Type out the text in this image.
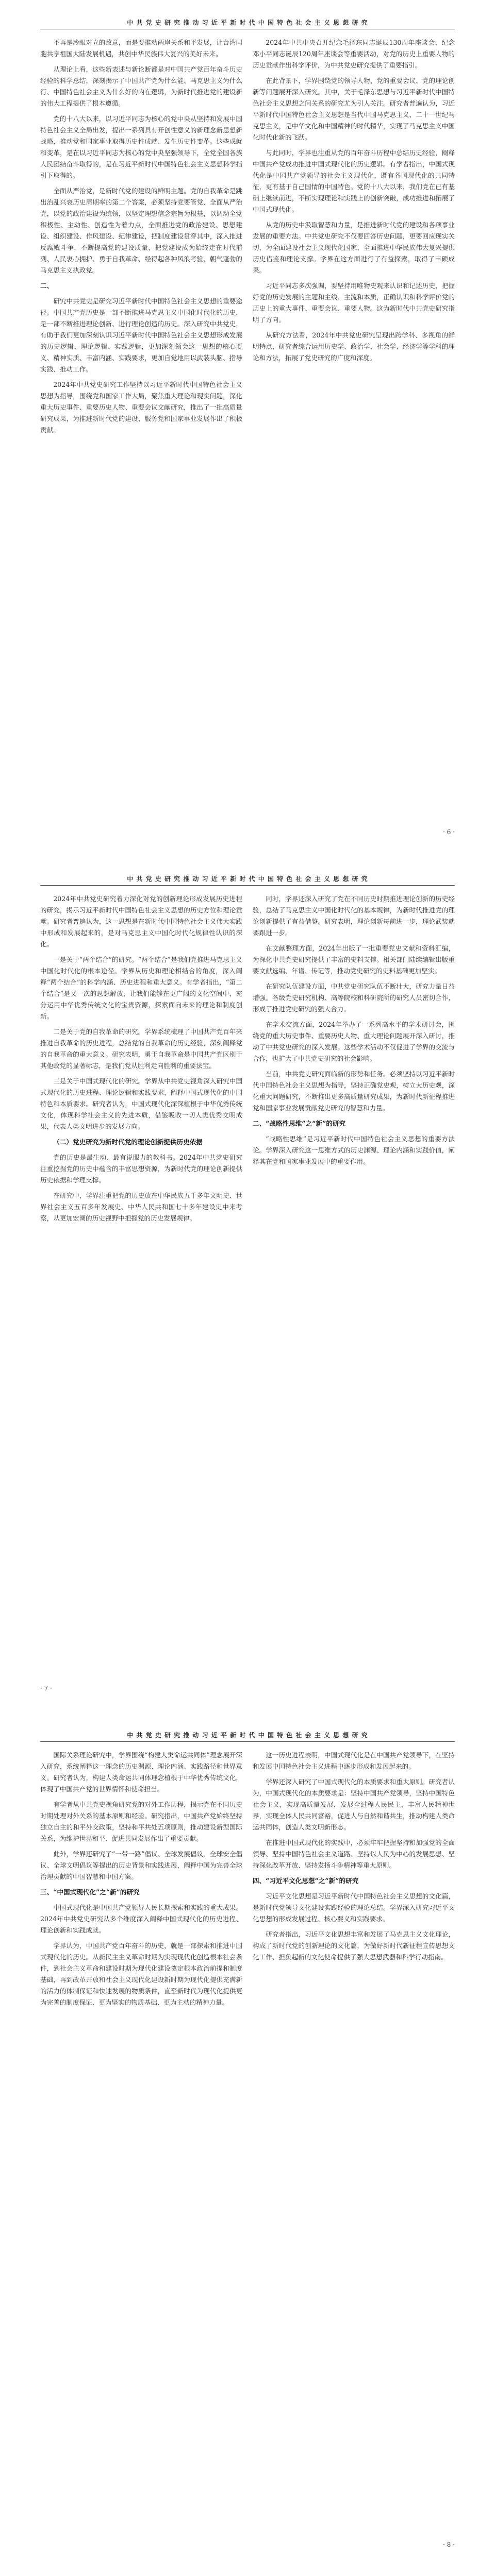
中 共 党 史 研 究 推 动 习 近 平 新 时 代 中 国 特 色 社 会 主 义 思 想 研 究

不再是冷眼对立的敌意，而是要推动两岸关系和平发展，让台湾同胞共享祖国大陆发展机遇，共创中华民族伟大复兴的美好未来。

从理论上看，这些新表述与新论断都是对中国共产党百年奋斗历史经验的科学总结，深刻揭示了中国共产党为什么能、马克思主义为什么行、中国特色社会主义为什么好的内在逻辑，为新时代推进党的建设新的伟大工程提供了根本遵循。

党的十八大以来，以习近平同志为核心的党中央从坚持和发展中国特色社会主义全局出发，提出一系列具有开创性意义的新理念新思想新战略，推动党和国家事业取得历史性成就、发生历史性变革。这些成就和变革，是在以习近平同志为核心的党中央坚强领导下，全党全国各族人民团结奋斗取得的，是在习近平新时代中国特色社会主义思想科学指引下取得的。

全面从严治党，是新时代党的建设的鲜明主题。党的自我革命是跳出治乱兴衰历史周期率的第二个答案，必须坚持党要管党、全面从严治党，以党的政治建设为统领，以坚定理想信念宗旨为根基，以调动全党积极性、主动性、创造性为着力点，全面推进党的政治建设、思想建设、组织建设、作风建设、纪律建设，把制度建设贯穿其中，深入推进反腐败斗争，不断提高党的建设质量，把党建设成为始终走在时代前列、人民衷心拥护、勇于自我革命、经得起各种风浪考验、朝气蓬勃的马克思主义执政党。

二、

研究中共党史是研究习近平新时代中国特色社会主义思想的重要途径。中国共产党历史是一部不断推进马克思主义中国化时代化的历史，是一部不断推进理论创新、进行理论创造的历史。深入研究中共党史，有助于我们更加深刻认识习近平新时代中国特色社会主义思想形成发展的历史逻辑、理论逻辑、实践逻辑，更加深刻领会这一思想的核心要义、精神实质、丰富内涵、实践要求，更加自觉地用以武装头脑、指导实践、推动工作。

2024年中共党史研究工作坚持以习近平新时代中国特色社会主义思想为指导，围绕党和国家工作大局，聚焦重大理论和现实问题，深化重大历史事件、重要历史人物、重要会议文献研究，推出了一批高质量研究成果，为推进新时代党的建设、服务党和国家事业发展作出了积极贡献。

2024年中共中央召开纪念毛泽东同志诞辰130周年座谈会、纪念邓小平同志诞辰120周年座谈会等重要活动，对党的历史上重要人物的历史贡献作出科学评价，为中共党史研究提供了重要指引。

在此背景下，学界围绕党的领导人物、党的重要会议、党的理论创新等问题展开深入研究。其中，关于毛泽东思想与习近平新时代中国特色社会主义思想之间关系的研究尤为引人关注。研究者普遍认为，习近平新时代中国特色社会主义思想是当代中国马克思主义、二十一世纪马克思主义，是中华文化和中国精神的时代精华，实现了马克思主义中国化时代化新的飞跃。

与此同时，学界也注重从党的百年奋斗历程中总结历史经验，阐释中国共产党成功推进中国式现代化的历史逻辑。有学者指出，中国式现代化是中国共产党领导的社会主义现代化，既有各国现代化的共同特征，更有基于自己国情的中国特色。党的十八大以来，我们党在已有基础上继续前进，不断实现理论和实践上的创新突破，成功推进和拓展了中国式现代化。

从党的历史中汲取智慧和力量，是推进新时代党的建设和各项事业发展的重要方法。中共党史研究不仅要回答历史问题，更要回应现实关切，为全面建设社会主义现代化国家、全面推进中华民族伟大复兴提供历史借鉴和理论支撑。学界在这方面进行了有益探索，取得了丰硕成果。

习近平同志多次强调，要坚持用唯物史观来认识和记述历史，把握好党的历史发展的主题和主线、主流和本质，正确认识和科学评价党的历史上的重大事件、重要会议、重要人物。这为新时代中共党史研究指明了方向。

从研究方法看，2024年中共党史研究呈现出跨学科、多视角的鲜明特点，研究者综合运用历史学、政治学、社会学、经济学等学科的理论和方法，拓展了党史研究的广度和深度。

· 6 ·
中 共 党 史 研 究 推 动 习 近 平 新 时 代 中 国 特 色 社 会 主 义 思 想 研 究

2024年中共党史研究着力深化对党的创新理论形成发展历史进程的研究，揭示习近平新时代中国特色社会主义思想的历史方位和理论贡献。研究者普遍认为，这一思想是在新时代中国特色社会主义伟大实践中形成和发展起来的，是对马克思主义中国化时代化规律性认识的深化。

一是关于“两个结合”的研究。“两个结合”是我们党推进马克思主义中国化时代化的根本途径。学界从历史和理论相结合的角度，深入阐释“两个结合”的科学内涵、历史进程和重大意义。有学者指出，“第二个结合”是又一次的思想解放，让我们能够在更广阔的文化空间中，充分运用中华优秀传统文化的宝贵资源，探索面向未来的理论和制度创新。

二是关于党的自我革命的研究。学界系统梳理了中国共产党百年来推进自我革命的历史进程，总结党的自我革命的历史经验，深刻阐释党的自我革命的重大意义。研究表明，勇于自我革命是中国共产党区别于其他政党的显著标志，是我们党从胜利走向胜利的重要法宝。

三是关于中国式现代化的研究。学界从中共党史视角深入研究中国式现代化的历史进程、理论逻辑和实践要求，阐释中国式现代化的中国特色和本质要求。研究者认为，中国式现代化深深植根于中华优秀传统文化，体现科学社会主义的先进本质，借鉴吸收一切人类优秀文明成果，代表人类文明进步的发展方向。

（二）党史研究为新时代党的理论创新提供历史依据

党的历史是最生动、最有说服力的教科书。2024年中共党史研究注重挖掘党的历史中蕴含的丰富思想资源，为新时代党的理论创新提供历史依据和学理支撑。

在研究中，学界注重把党的历史放在中华民族五千多年文明史、世界社会主义五百多年发展史、中华人民共和国七十多年建设史中来考察，从更加宏阔的历史视野中把握党的历史发展规律。

同时，学界还深入研究了党在不同历史时期推进理论创新的历史经验，总结了马克思主义中国化时代化的基本规律，为新时代推进党的理论创新提供了有益借鉴。研究表明，理论创新每前进一步，理论武装就要跟进一步。

在文献整理方面，2024年出版了一批重要党史文献和资料汇编，为深化中共党史研究提供了丰富的史料支撑。相关部门陆续编辑出版重要文献选编、年谱、传记等，推动党史研究的史料基础更加坚实。

在研究队伍建设方面，中共党史研究队伍不断壮大，研究力量日益增强。各级党史研究机构、高等院校和科研院所的研究人员密切合作，形成了推进党史研究的强大合力。

在学术交流方面，2024年举办了一系列高水平的学术研讨会，围绕党的重大历史事件、重要历史人物、重大理论问题展开深入研讨，推动了中共党史研究的深入发展。这些学术活动不仅促进了学界的交流与合作，也扩大了中共党史研究的社会影响。

当前，中共党史研究面临新的形势和任务。必须坚持以习近平新时代中国特色社会主义思想为指导，坚持正确党史观，树立大历史观，深化重大问题研究，不断推出更多高质量研究成果，为新时代新征程推进党和国家事业发展贡献党史研究的智慧和力量。

二、“战略性思维”之“新”的研究

“战略性思维”是习近平新时代中国特色社会主义思想的重要方法论。学界深入研究这一思维方式的历史渊源、理论内涵和实践价值，阐释其在党和国家事业发展中的重要作用。

· 7 ·
中 共 党 史 研 究 推 动 习 近 平 新 时 代 中 国 特 色 社 会 主 义 思 想 研 究

国际关系理论研究中，学界围绕“构建人类命运共同体”理念展开深入研究，系统阐释这一理念的历史渊源、理论内涵、实践路径和世界意义。研究者认为，构建人类命运共同体理念植根于中华优秀传统文化，体现了中国共产党的世界情怀和使命担当。

有学者从中共党史视角研究党的对外工作历程，揭示党在不同历史时期处理对外关系的基本原则和经验。研究指出，中国共产党始终坚持独立自主的和平外交政策，坚持和平共处五项原则，推动建设新型国际关系，为维护世界和平、促进共同发展作出了重要贡献。

此外，学界还研究了“一带一路”倡议、全球发展倡议、全球安全倡议、全球文明倡议等提出的历史背景和实践进展，阐释中国为完善全球治理贡献的中国智慧和中国方案。

三、“中国式现代化”之“新”的研究

中国式现代化是中国共产党领导人民长期探索和实践的重大成果。2024年中共党史研究从多个维度深入阐释中国式现代化的历史进程、理论创新和实践成就。

学界认为，中国共产党百年奋斗的历史，就是一部探索和推进中国式现代化的历史。从新民主主义革命时期为实现现代化创造根本社会条件，到社会主义革命和建设时期为现代化建设奠定根本政治前提和制度基础，再到改革开放和社会主义现代化建设新时期为现代化提供充满新的活力的体制保证和快速发展的物质条件，直至新时代为现代化提供更为完善的制度保证、更为坚实的物质基础、更为主动的精神力量。

这一历史进程表明，中国式现代化是在中国共产党领导下，在坚持和发展中国特色社会主义进程中逐步形成和发展起来的。

学界还深入研究了中国式现代化的本质要求和重大原则。研究者认为，中国式现代化的本质要求是：坚持中国共产党领导，坚持中国特色社会主义，实现高质量发展，发展全过程人民民主，丰富人民精神世界，实现全体人民共同富裕，促进人与自然和谐共生，推动构建人类命运共同体，创造人类文明新形态。

在推进中国式现代化的实践中，必须牢牢把握坚持和加强党的全面领导、坚持中国特色社会主义道路、坚持以人民为中心的发展思想、坚持深化改革开放、坚持发扬斗争精神等重大原则。

四、“习近平文化思想”之“新”的研究

习近平文化思想是习近平新时代中国特色社会主义思想的文化篇，是新时代党领导文化建设实践经验的理论总结。学界深入研究习近平文化思想的形成发展过程、核心要义和实践要求。

研究者指出，习近平文化思想丰富和发展了马克思主义文化理论，构成了新时代党的创新理论的文化篇，为做好新时代新征程宣传思想文化工作、担负起新的文化使命提供了强大思想武器和科学行动指南。

· 8 ·
